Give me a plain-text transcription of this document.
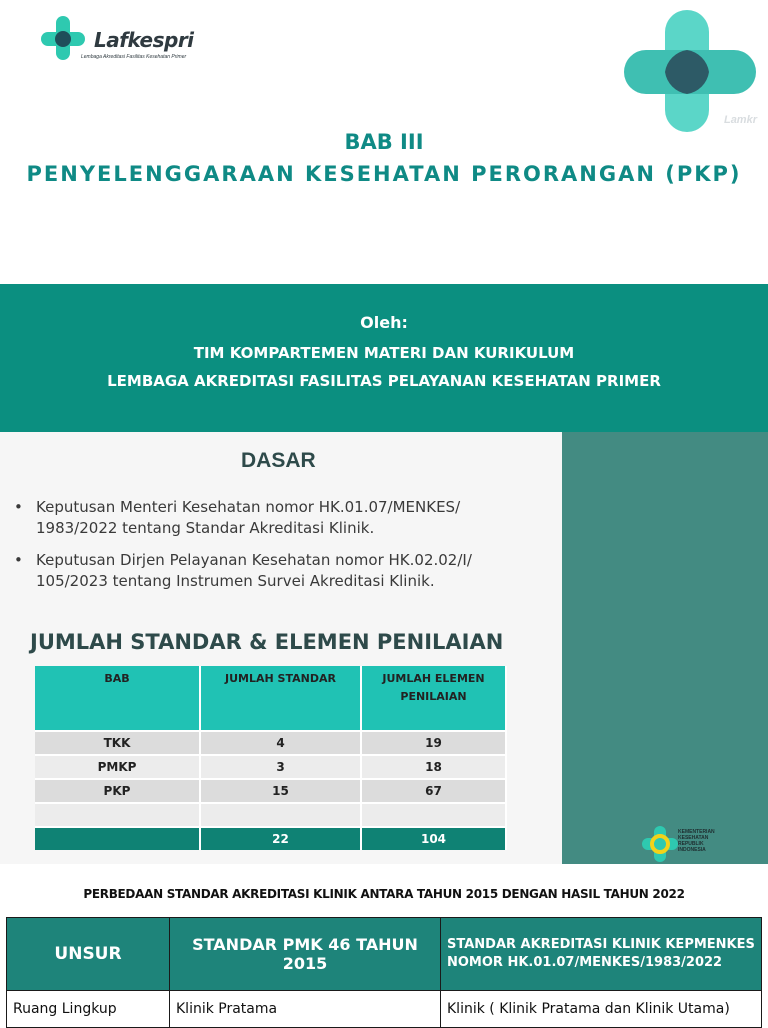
Lafkespri
Lembaga Akreditasi Fasilitas Kesehatan Primer
Lamkr
BAB III
PENYELENGGARAAN KESEHATAN PERORANGAN (PKP)
Oleh:
TIM KOMPARTEMEN MATERI DAN KURIKULUM
LEMBAGA AKREDITASI FASILITAS PELAYANAN KESEHATAN PRIMER
KEMENTERIAN KESEHATAN REPUBLIK INDONESIA
DASAR
• Keputusan Menteri Kesehatan nomor HK.01.07/MENKES/ 1983/2022 tentang Standar Akreditasi Klinik.
• Keputusan Dirjen Pelayanan Kesehatan nomor HK.02.02/I/ 105/2023 tentang Instrumen Survei Akreditasi Klinik.
JUMLAH STANDAR & ELEMEN PENILAIAN
BAB	JUMLAH STANDAR	JUMLAH ELEMEN PENILAIAN
TKK	4	19
PMKP	3	18
PKP	15	67

	22	104
PERBEDAAN STANDAR AKREDITASI KLINIK ANTARA TAHUN 2015 DENGAN HASIL TAHUN 2022
UNSUR	STANDAR PMK 46 TAHUN 2015	STANDAR AKREDITASI KLINIK KEPMENKES NOMOR HK.01.07/MENKES/1983/2022
Ruang Lingkup	Klinik Pratama	Klinik ( Klinik Pratama dan Klinik Utama)
